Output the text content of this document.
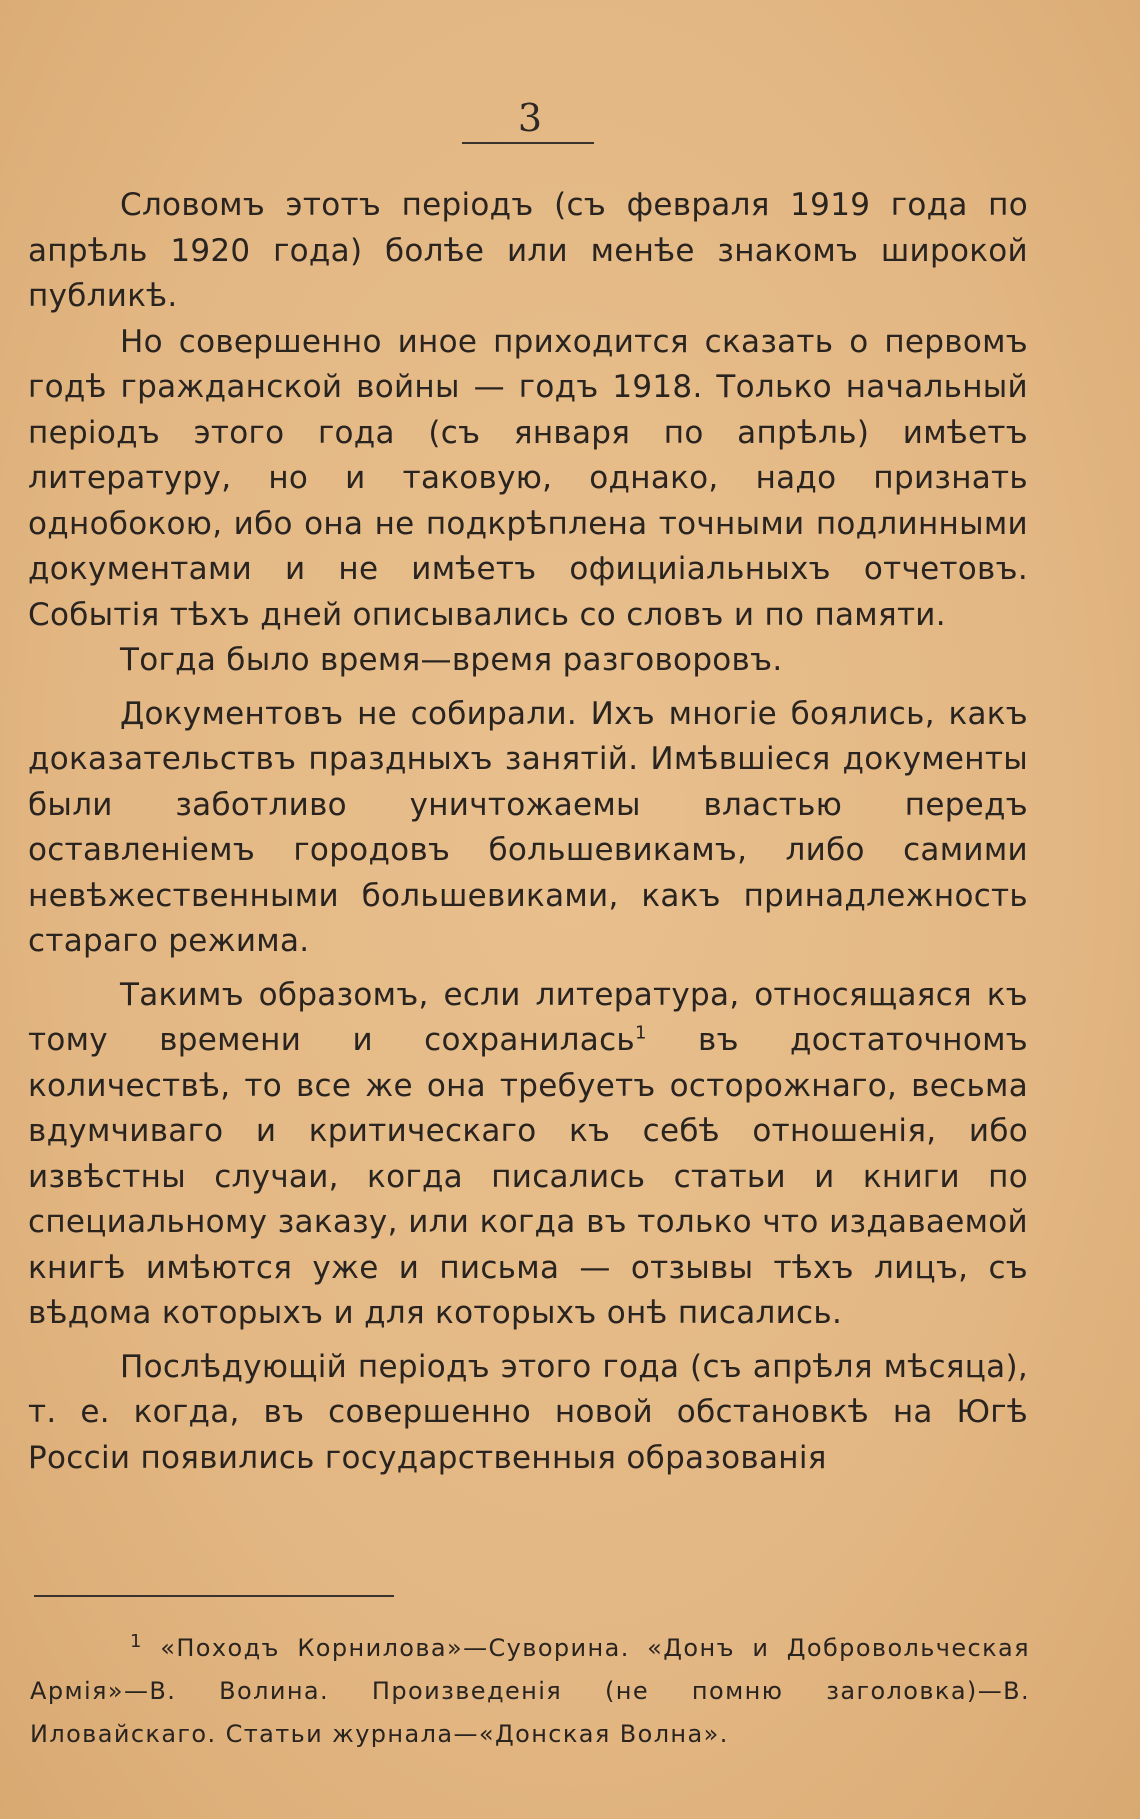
3

Словомъ этотъ періодъ (съ февраля 1919 года по апрѣль 1920 года) болѣе или менѣе знакомъ широкой публикѣ.

Но совершенно иное приходится сказать о первомъ годѣ гражданской войны — годъ 1918. Только начальный періодъ этого года (съ января по апрѣль) имѣетъ литературу, но и таковую, однако, надо признать однобокою, ибо она не подкрѣплена точными подлинными документами и не имѣетъ официіальныхъ отчетовъ. Событія тѣхъ дней описывались со словъ и по памяти.

Тогда было время—время разговоровъ.

Документовъ не собирали. Ихъ многіе боялись, какъ доказательствъ праздныхъ занятій. Имѣвшіеся документы были заботливо уничтожаемы властью передъ оставленіемъ городовъ большевикамъ, либо самими невѣжественными большевиками, какъ принадлежность стараго режима.

Такимъ образомъ, если литература, относящаяся къ тому времени и сохранилась$^1$ въ достаточномъ количествѣ, то все же она требуетъ осторожнаго, весьма вдумчиваго и критическаго къ себѣ отношенія, ибо извѣстны случаи, когда писались статьи и книги по специальному заказу, или когда въ только что издаваемой книгѣ имѣются уже и письма — отзывы тѣхъ лицъ, съ вѣдома которыхъ и для которыхъ онѣ писались.

Послѣдующій періодъ этого года (съ апрѣля мѣсяца), т. е. когда, въ совершенно новой обстановкѣ на Югѣ Россіи появились государственныя образованія

$^1$ «Походъ Корнилова»—Суворина. «Донъ и Добровольческая Армія»—В. Волина. Произведенія (не помню заголовка)—В. Иловайскаго. Статьи журнала—«Донская Волна».
